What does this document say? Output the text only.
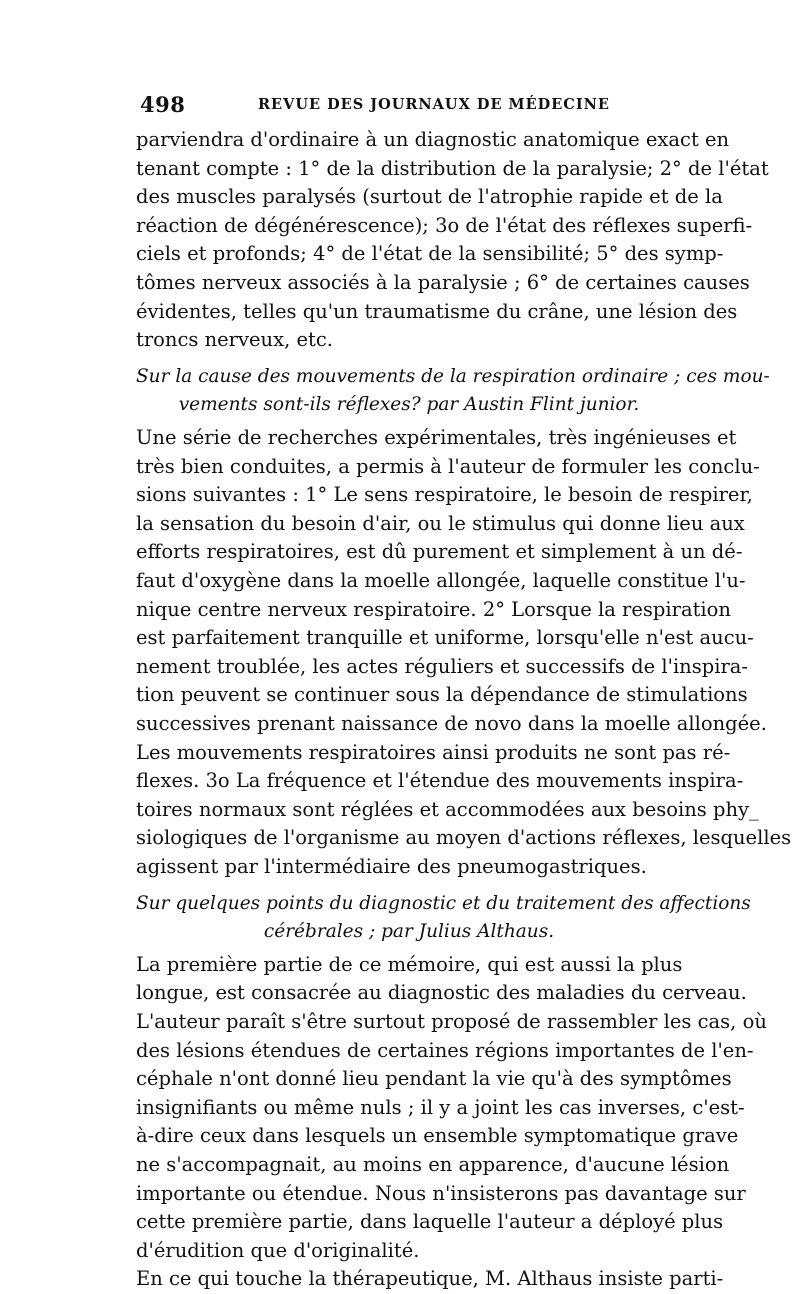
498	REVUE DES JOURNAUX DE MÉDECINE
parviendra d'ordinaire à un diagnostic anatomique exact en
tenant compte : 1° de la distribution de la paralysie; 2° de l'état
des muscles paralysés (surtout de l'atrophie rapide et de la
réaction de dégénérescence); 3o de l'état des réflexes superfi-
ciels et profonds; 4° de l'état de la sensibilité; 5° des symp-
tômes nerveux associés à la paralysie ; 6° de certaines causes
évidentes, telles qu'un traumatisme du crâne, une lésion des
troncs nerveux, etc.
Sur la cause des mouvements de la respiration ordinaire ; ces mou-
vements sont-ils réflexes? par Austin Flint junior.
Une série de recherches expérimentales, très ingénieuses et
très bien conduites, a permis à l'auteur de formuler les conclu-
sions suivantes : 1° Le sens respiratoire, le besoin de respirer,
la sensation du besoin d'air, ou le stimulus qui donne lieu aux
efforts respiratoires, est dû purement et simplement à un dé-
faut d'oxygène dans la moelle allongée, laquelle constitue l'u-
nique centre nerveux respiratoire. 2° Lorsque la respiration
est parfaitement tranquille et uniforme, lorsqu'elle n'est aucu-
nement troublée, les actes réguliers et successifs de l'inspira-
tion peuvent se continuer sous la dépendance de stimulations
successives prenant naissance de novo dans la moelle allongée.
Les mouvements respiratoires ainsi produits ne sont pas ré-
flexes. 3o La fréquence et l'étendue des mouvements inspira-
toires normaux sont réglées et accommodées aux besoins phy_
siologiques de l'organisme au moyen d'actions réflexes, lesquelles
agissent par l'intermédiaire des pneumogastriques.
Sur quelques points du diagnostic et du traitement des affections
cérébrales ; par Julius Althaus.
La première partie de ce mémoire, qui est aussi la plus
longue, est consacrée au diagnostic des maladies du cerveau.
L'auteur paraît s'être surtout proposé de rassembler les cas, où
des lésions étendues de certaines régions importantes de l'en-
céphale n'ont donné lieu pendant la vie qu'à des symptômes
insignifiants ou même nuls ; il y a joint les cas inverses, c'est-
à-dire ceux dans lesquels un ensemble symptomatique grave
ne s'accompagnait, au moins en apparence, d'aucune lésion
importante ou étendue. Nous n'insisterons pas davantage sur
cette première partie, dans laquelle l'auteur a déployé plus
d'érudition que d'originalité.
En ce qui touche la thérapeutique, M. Althaus insiste parti-
